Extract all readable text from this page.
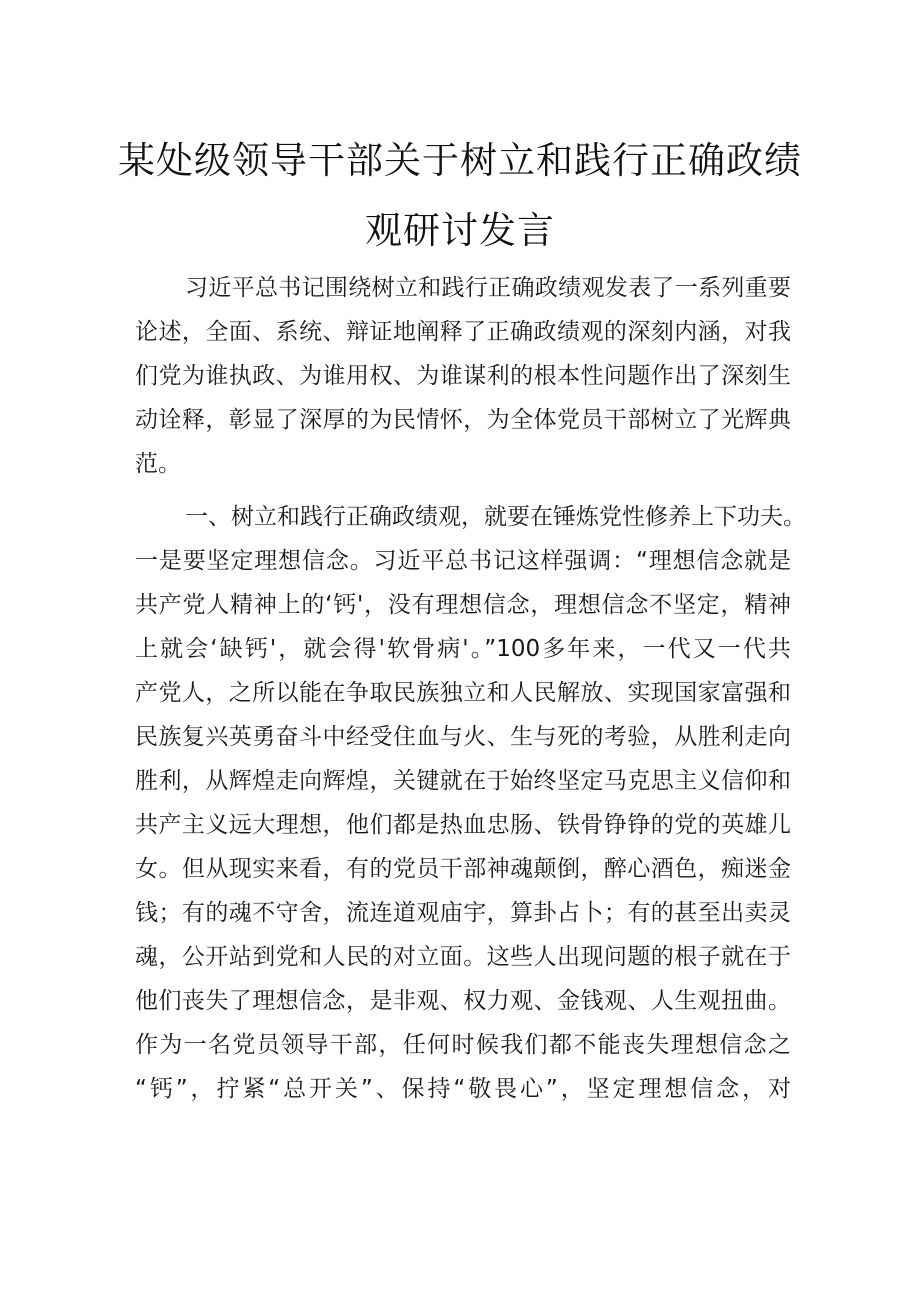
某处级领导干部关于树立和践行正确政绩
观研讨发言
习近平总书记围绕树立和践行正确政绩观发表了一系列重要
论述，全面、系统、辩证地阐释了正确政绩观的深刻内涵，对我
们党为谁执政、为谁用权、为谁谋利的根本性问题作出了深刻生
动诠释，彰显了深厚的为民情怀，为全体党员干部树立了光辉典
范。
一、树立和践行正确政绩观，就要在锤炼党性修养上下功夫。
一是要坚定理想信念。习近平总书记这样强调：“理想信念就是
共产党人精神上的‘钙'，没有理想信念，理想信念不坚定，精神
上就会‘缺钙'，就会得'软骨病'。”100多年来，一代又一代共
产党人，之所以能在争取民族独立和人民解放、实现国家富强和
民族复兴英勇奋斗中经受住血与火、生与死的考验，从胜利走向
胜利，从辉煌走向辉煌，关键就在于始终坚定马克思主义信仰和
共产主义远大理想，他们都是热血忠肠、铁骨铮铮的党的英雄儿
女。但从现实来看，有的党员干部神魂颠倒，醉心酒色，痴迷金
钱；有的魂不守舍，流连道观庙宇，算卦占卜；有的甚至出卖灵
魂，公开站到党和人民的对立面。这些人出现问题的根子就在于
他们丧失了理想信念，是非观、权力观、金钱观、人生观扭曲。
作为一名党员领导干部，任何时候我们都不能丧失理想信念之
“钙”，拧紧“总开关”、保持“敬畏心”，坚定理想信念，对
